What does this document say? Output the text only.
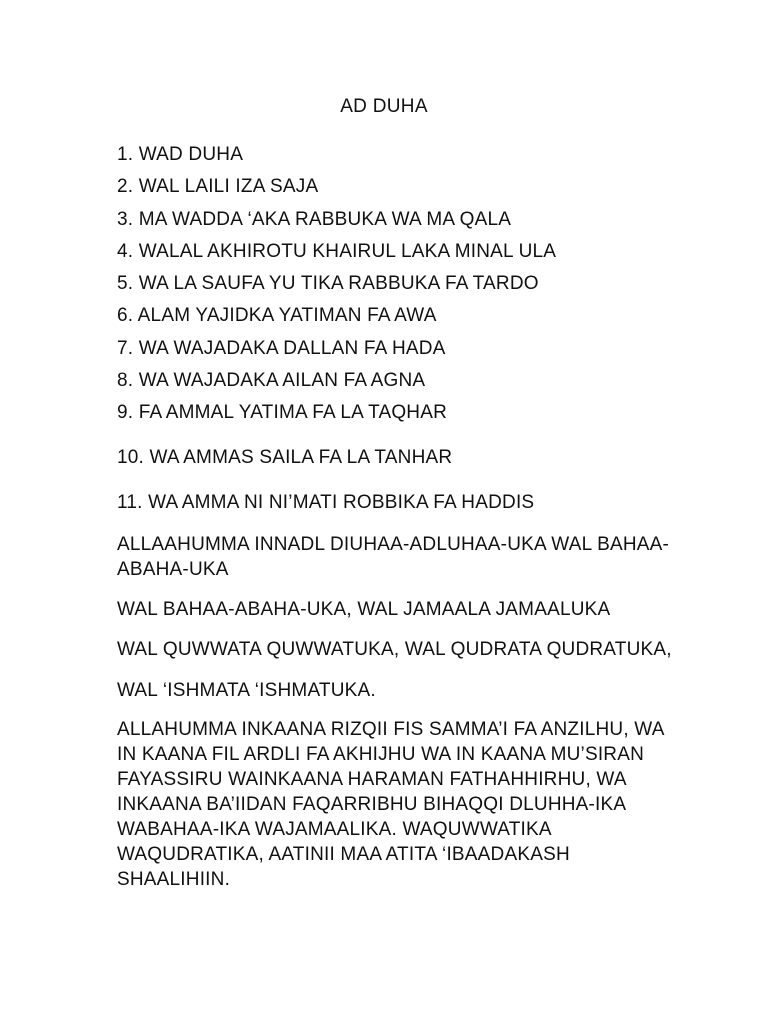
AD DUHA
1. WAD DUHA
2. WAL LAILI IZA SAJA
3. MA WADDA ‘AKA RABBUKA WA MA QALA
4. WALAL AKHIROTU KHAIRUL LAKA MINAL ULA
5. WA LA SAUFA YU TIKA RABBUKA FA TARDO
6. ALAM YAJIDKA YATIMAN FA AWA
7. WA WAJADAKA DALLAN FA HADA
8. WA WAJADAKA AILAN FA AGNA
9. FA AMMAL YATIMA FA LA TAQHAR
10. WA AMMAS SAILA FA LA TANHAR
11. WA AMMA NI NI’MATI ROBBIKA FA HADDIS

ALLAAHUMMA INNADL DIUHAA-ADLUHAA-UKA WAL BAHAA-ABAHA-UKA

WAL BAHAA-ABAHA-UKA, WAL JAMAALA JAMAALUKA

WAL QUWWATA QUWWATUKA, WAL QUDRATA QUDRATUKA,

WAL ‘ISHMATA ‘ISHMATUKA.

ALLAHUMMA INKAANA RIZQII FIS SAMMA’I FA ANZILHU, WA IN KAANA FIL ARDLI FA AKHIJHU WA IN KAANA MU’SIRAN FAYASSIRU WAINKAANA HARAMAN FATHAHHIRHU, WA INKAANA BA’IIDAN FAQARRIBHU BIHAQQI DLUHHA-IKA WABAHAA-IKA WAJAMAALIKA. WAQUWWATIKA WAQUDRATIKA, AATINII MAA ATITA ‘IBAADAKASH SHAALIHIIN.
